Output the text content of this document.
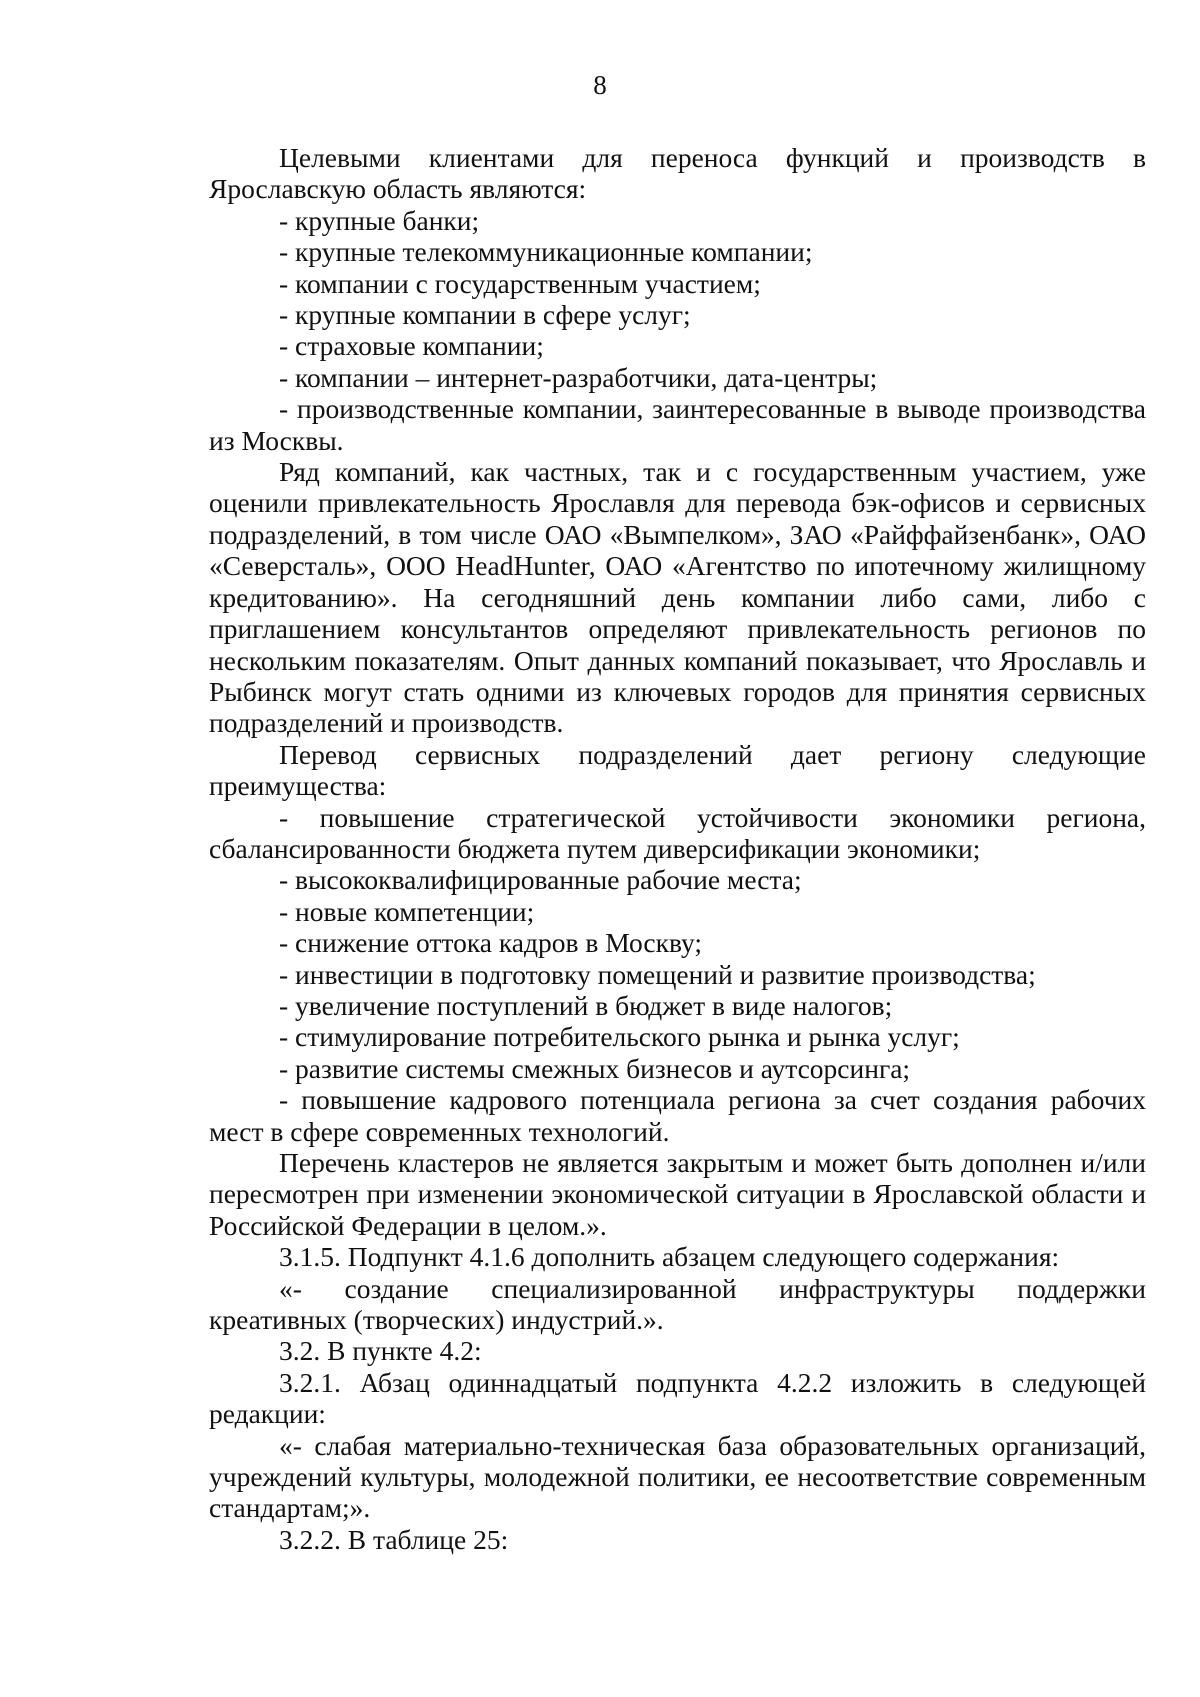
8

Целевыми клиентами для переноса функций и производств в Ярославскую область являются:

- крупные банки;

- крупные телекоммуникационные компании;

- компании с государственным участием;

- крупные компании в сфере услуг;

- страховые компании;

- компании – интернет-разработчики, дата-центры;

- производственные компании, заинтересованные в выводе производства из Москвы.

Ряд компаний, как частных, так и с государственным участием, уже оценили привлекательность Ярославля для перевода бэк-офисов и сервисных подразделений, в том числе ОАО «Вымпелком», ЗАО «Райффайзенбанк», ОАО «Северсталь», ООО HeadHunter, ОАО «Агентство по ипотечному жилищному кредитованию». На сегодняшний день компании либо сами, либо с приглашением консультантов определяют привлекательность регионов по нескольким показателям. Опыт данных компаний показывает, что Ярославль и Рыбинск могут стать одними из ключевых городов для принятия сервисных подразделений и производств.

Перевод сервисных подразделений дает региону следующие преимущества:

- повышение стратегической устойчивости экономики региона, сбалансированности бюджета путем диверсификации экономики;

- высококвалифицированные рабочие места;

- новые компетенции;

- снижение оттока кадров в Москву;

- инвестиции в подготовку помещений и развитие производства;

- увеличение поступлений в бюджет в виде налогов;

- стимулирование потребительского рынка и рынка услуг;

- развитие системы смежных бизнесов и аутсорсинга;

- повышение кадрового потенциала региона за счет создания рабочих мест в сфере современных технологий.

Перечень кластеров не является закрытым и может быть дополнен и/или пересмотрен при изменении экономической ситуации в Ярославской области и Российской Федерации в целом.».

3.1.5. Подпункт 4.1.6 дополнить абзацем следующего содержания:

«- создание специализированной инфраструктуры поддержки креативных (творческих) индустрий.».

3.2. В пункте 4.2:

3.2.1. Абзац одиннадцатый подпункта 4.2.2 изложить в следующей редакции:

«- слабая материально-техническая база образовательных организаций, учреждений культуры, молодежной политики, ее несоответствие современным стандартам;».

3.2.2. В таблице 25:
